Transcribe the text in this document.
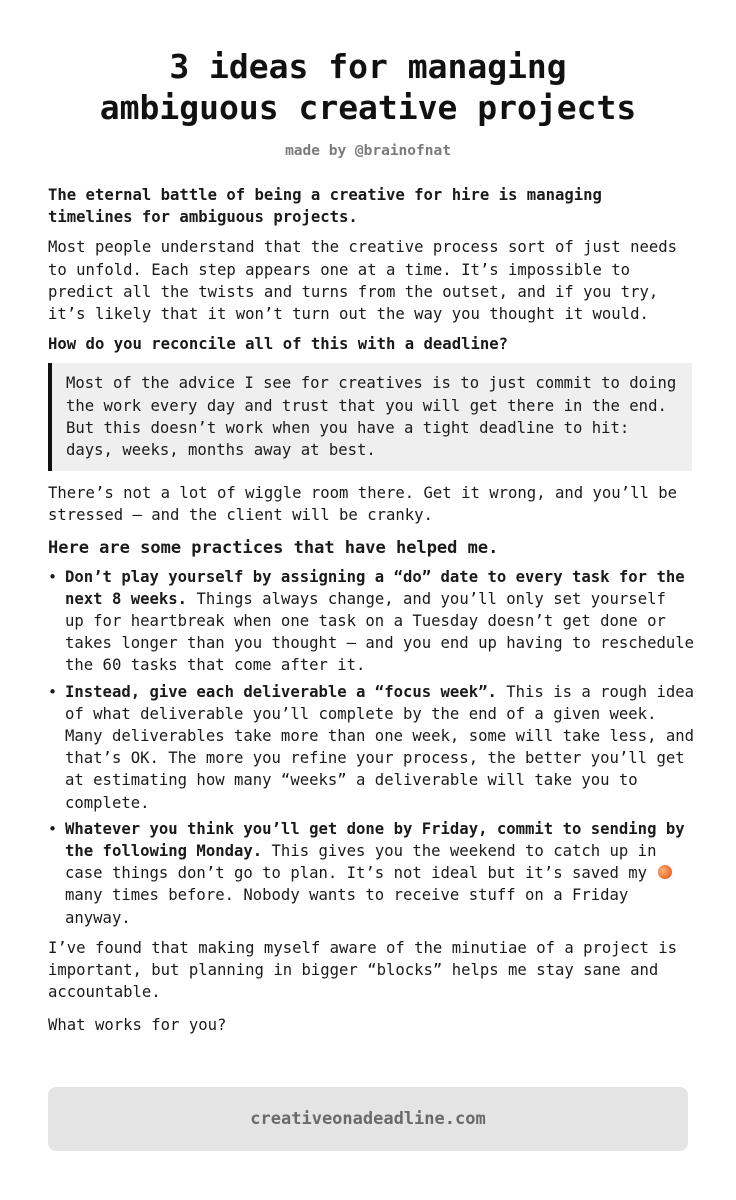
3 ideas for managing
ambiguous creative projects
made by @brainofnat

The eternal battle of being a creative for hire is managing timelines for ambiguous projects.

Most people understand that the creative process sort of just needs to unfold. Each step appears one at a time. It’s impossible to predict all the twists and turns from the outset, and if you try, it’s likely that it won’t turn out the way you thought it would.

How do you reconcile all of this with a deadline?

Most of the advice I see for creatives is to just commit to doing the work every day and trust that you will get there in the end. But this doesn’t work when you have a tight deadline to hit: days, weeks, months away at best.

There’s not a lot of wiggle room there. Get it wrong, and you’ll be stressed — and the client will be cranky.

Here are some practices that have helped me.

• Don’t play yourself by assigning a “do” date to every task for the next 8 weeks. Things always change, and you’ll only set yourself up for heartbreak when one task on a Tuesday doesn’t get done or takes longer than you thought — and you end up having to reschedule the 60 tasks that come after it.
• Instead, give each deliverable a “focus week”. This is a rough idea of what deliverable you’ll complete by the end of a given week. Many deliverables take more than one week, some will take less, and that’s OK. The more you refine your process, the better you’ll get at estimating how many “weeks” a deliverable will take you to complete.
• Whatever you think you’ll get done by Friday, commit to sending by the following Monday. This gives you the weekend to catch up in case things don’t go to plan. It’s not ideal but it’s saved my  many times before. Nobody wants to receive stuff on a Friday anyway.

I’ve found that making myself aware of the minutiae of a project is important, but planning in bigger “blocks” helps me stay sane and accountable.

What works for you?

creativeonadeadline.com
